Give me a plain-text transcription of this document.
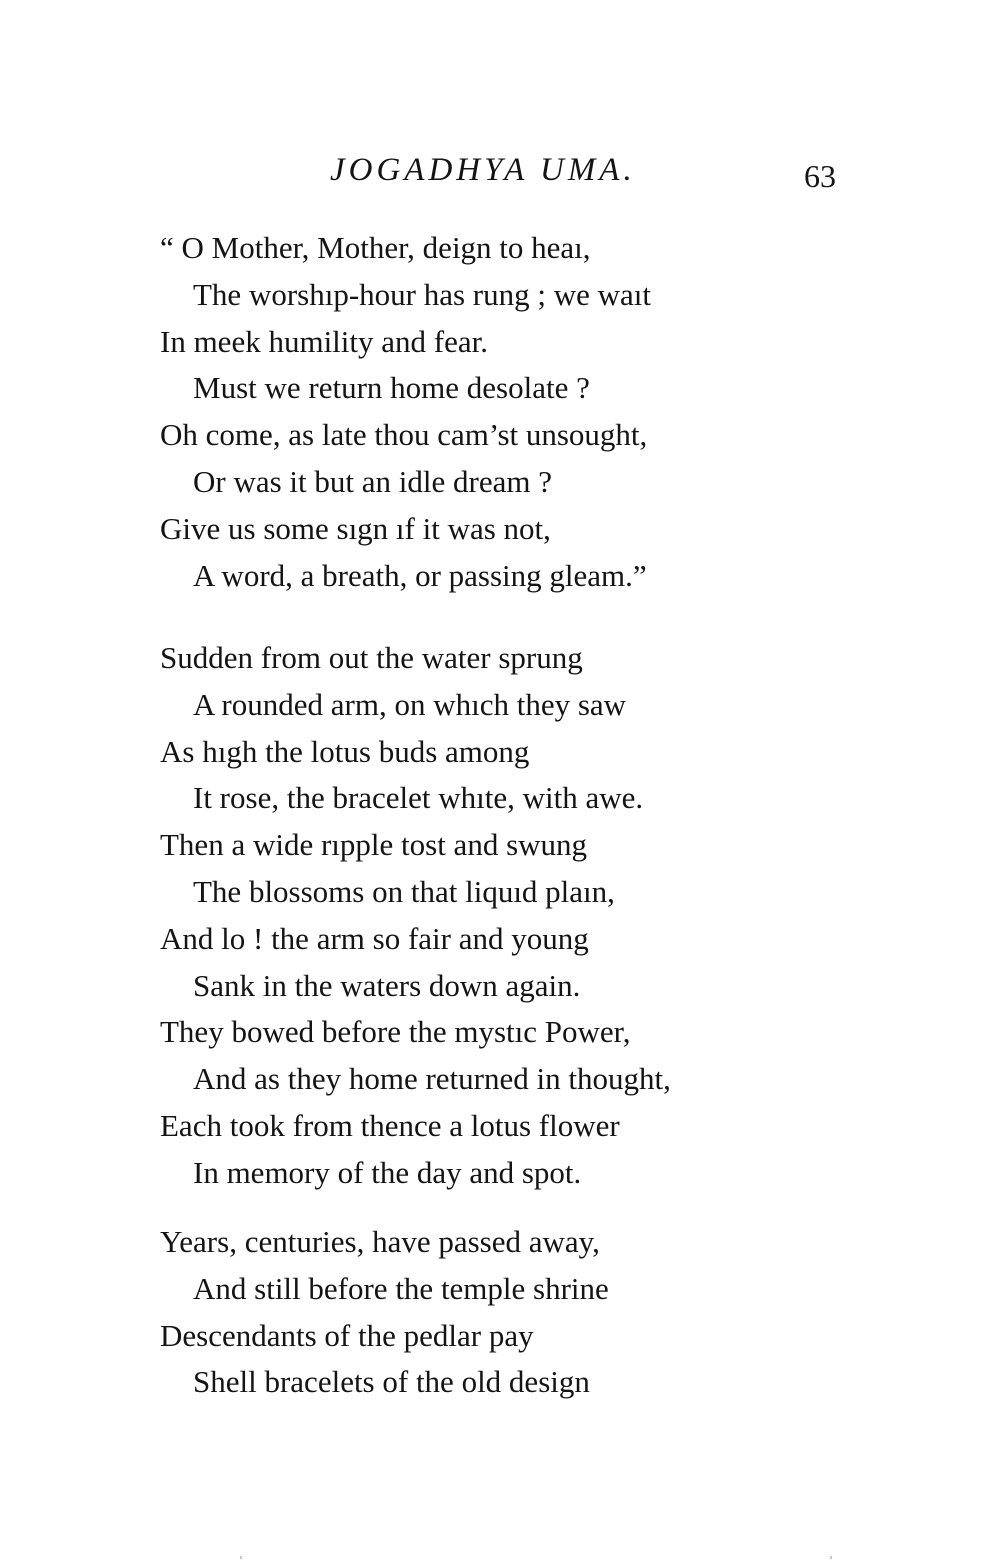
JOGADHYA UMA.	63
“ O Mother, Mother, deign to heaı,
The worshıp-hour has rung ; we waıt
In meek humility and fear.
Must we return home desolate ?
Oh come, as late thou cam’st unsought,
Or was it but an idle dream ?
Give us some sıgn ıf it was not,
A word, a breath, or passing gleam.”
Sudden from out the water sprung
A rounded arm, on whıch they saw
As hıgh the lotus buds among
It rose, the bracelet whıte, with awe.
Then a wide rıpple tost and swung
The blossoms on that liquıd plaın,
And lo ! the arm so fair and young
Sank in the waters down again.
They bowed before the mystıc Power,
And as they home returned in thought,
Each took from thence a lotus flower
In memory of the day and spot.
Years, centuries, have passed away,
And still before the temple shrine
Descendants of the pedlar pay
Shell bracelets of the old design
